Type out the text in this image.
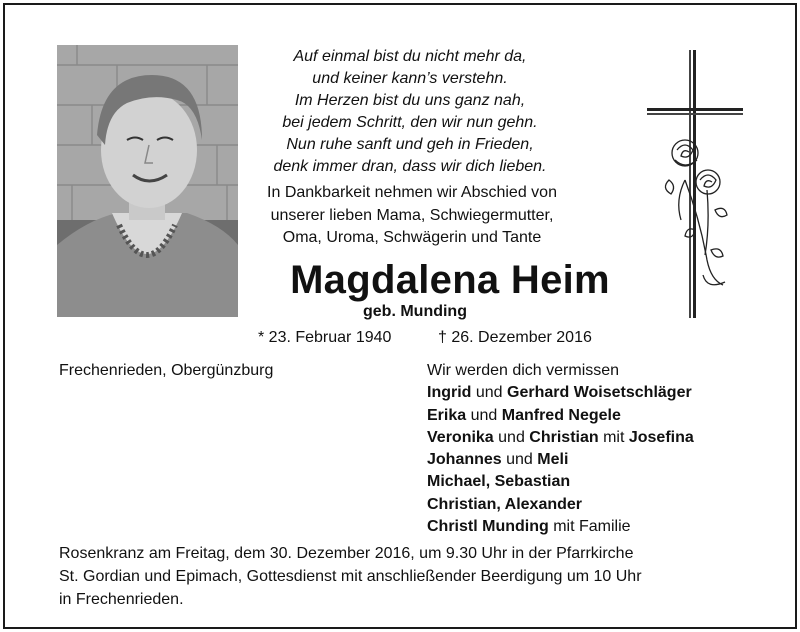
Auf einmal bist du nicht mehr da,
und keiner kann’s verstehn.
Im Herzen bist du uns ganz nah,
bei jedem Schritt, den wir nun gehn.
Nun ruhe sanft und geh in Frieden,
denk immer dran, dass wir dich lieben.
In Dankbarkeit nehmen wir Abschied von
unserer lieben Mama, Schwiegermutter,
Oma, Uroma, Schwägerin und Tante
Magdalena Heim
geb. Munding
* 23. Februar 1940	† 26. Dezember 2016
Frechenrieden, Obergünzburg	Wir werden dich vermissen
Ingrid und Gerhard Woisetschläger
Erika und Manfred Negele
Veronika und Christian mit Josefina
Johannes und Meli
Michael, Sebastian
Christian, Alexander
Christl Munding mit Familie
Rosenkranz am Freitag, dem 30. Dezember 2016, um 9.30 Uhr in der Pfarrkirche
St. Gordian und Epimach, Gottesdienst mit anschließender Beerdigung um 10 Uhr
in Frechenrieden.
